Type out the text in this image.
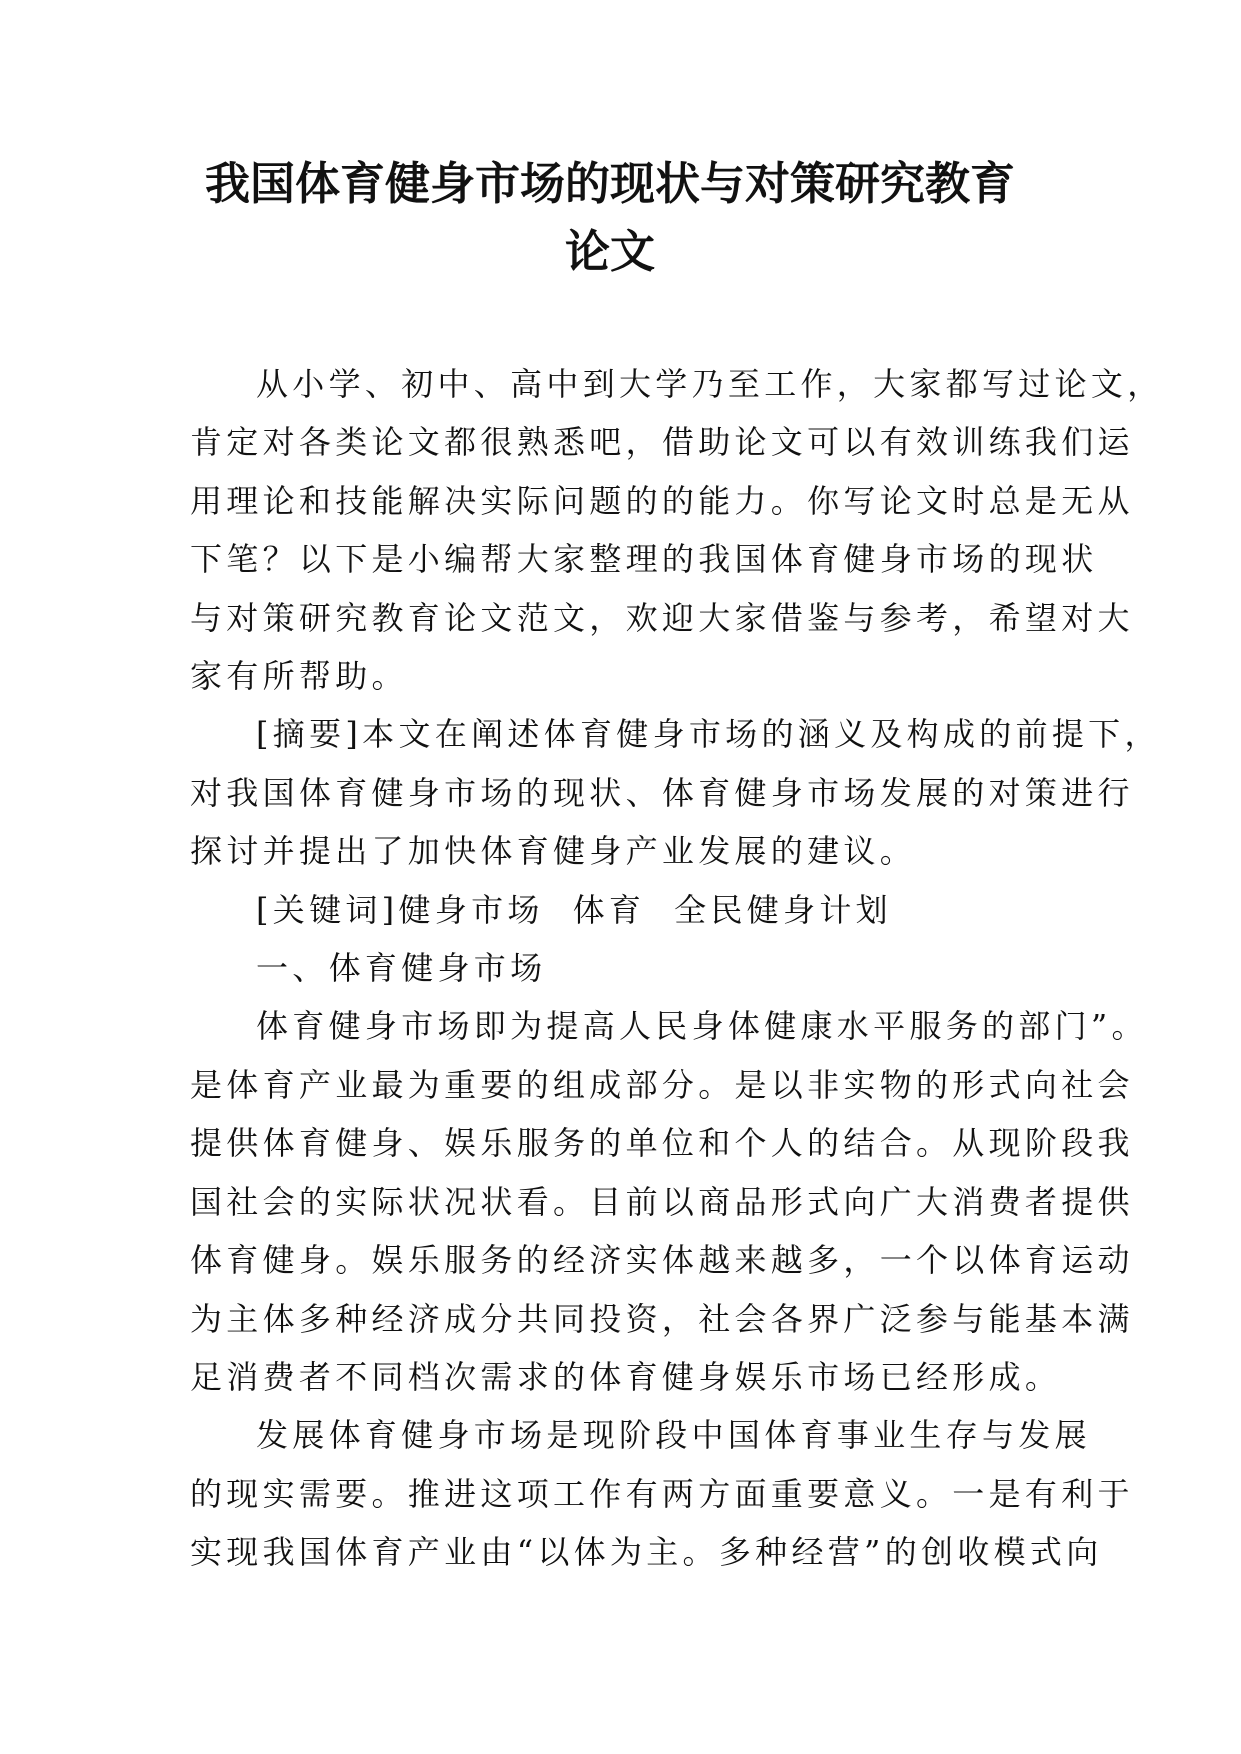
我国体育健身市场的现状与对策研究教育
论文
从小学、初中、高中到大学乃至工作，大家都写过论文，
肯定对各类论文都很熟悉吧，借助论文可以有效训练我们运
用理论和技能解决实际问题的的能力。你写论文时总是无从
下笔？以下是小编帮大家整理的我国体育健身市场的现状
与对策研究教育论文范文，欢迎大家借鉴与参考，希望对大
家有所帮助。
[摘要]本文在阐述体育健身市场的涵义及构成的前提下，
对我国体育健身市场的现状、体育健身市场发展的对策进行
探讨并提出了加快体育健身产业发展的建议。
[关键词]健身市场  体育  全民健身计划
一、体育健身市场
体育健身市场即为提高人民身体健康水平服务的部门”。
是体育产业最为重要的组成部分。是以非实物的形式向社会
提供体育健身、娱乐服务的单位和个人的结合。从现阶段我
国社会的实际状况状看。目前以商品形式向广大消费者提供
体育健身。娱乐服务的经济实体越来越多，一个以体育运动
为主体多种经济成分共同投资，社会各界广泛参与能基本满
足消费者不同档次需求的体育健身娱乐市场已经形成。
发展体育健身市场是现阶段中国体育事业生存与发展
的现实需要。推进这项工作有两方面重要意义。一是有利于
实现我国体育产业由“以体为主。多种经营”的创收模式向
